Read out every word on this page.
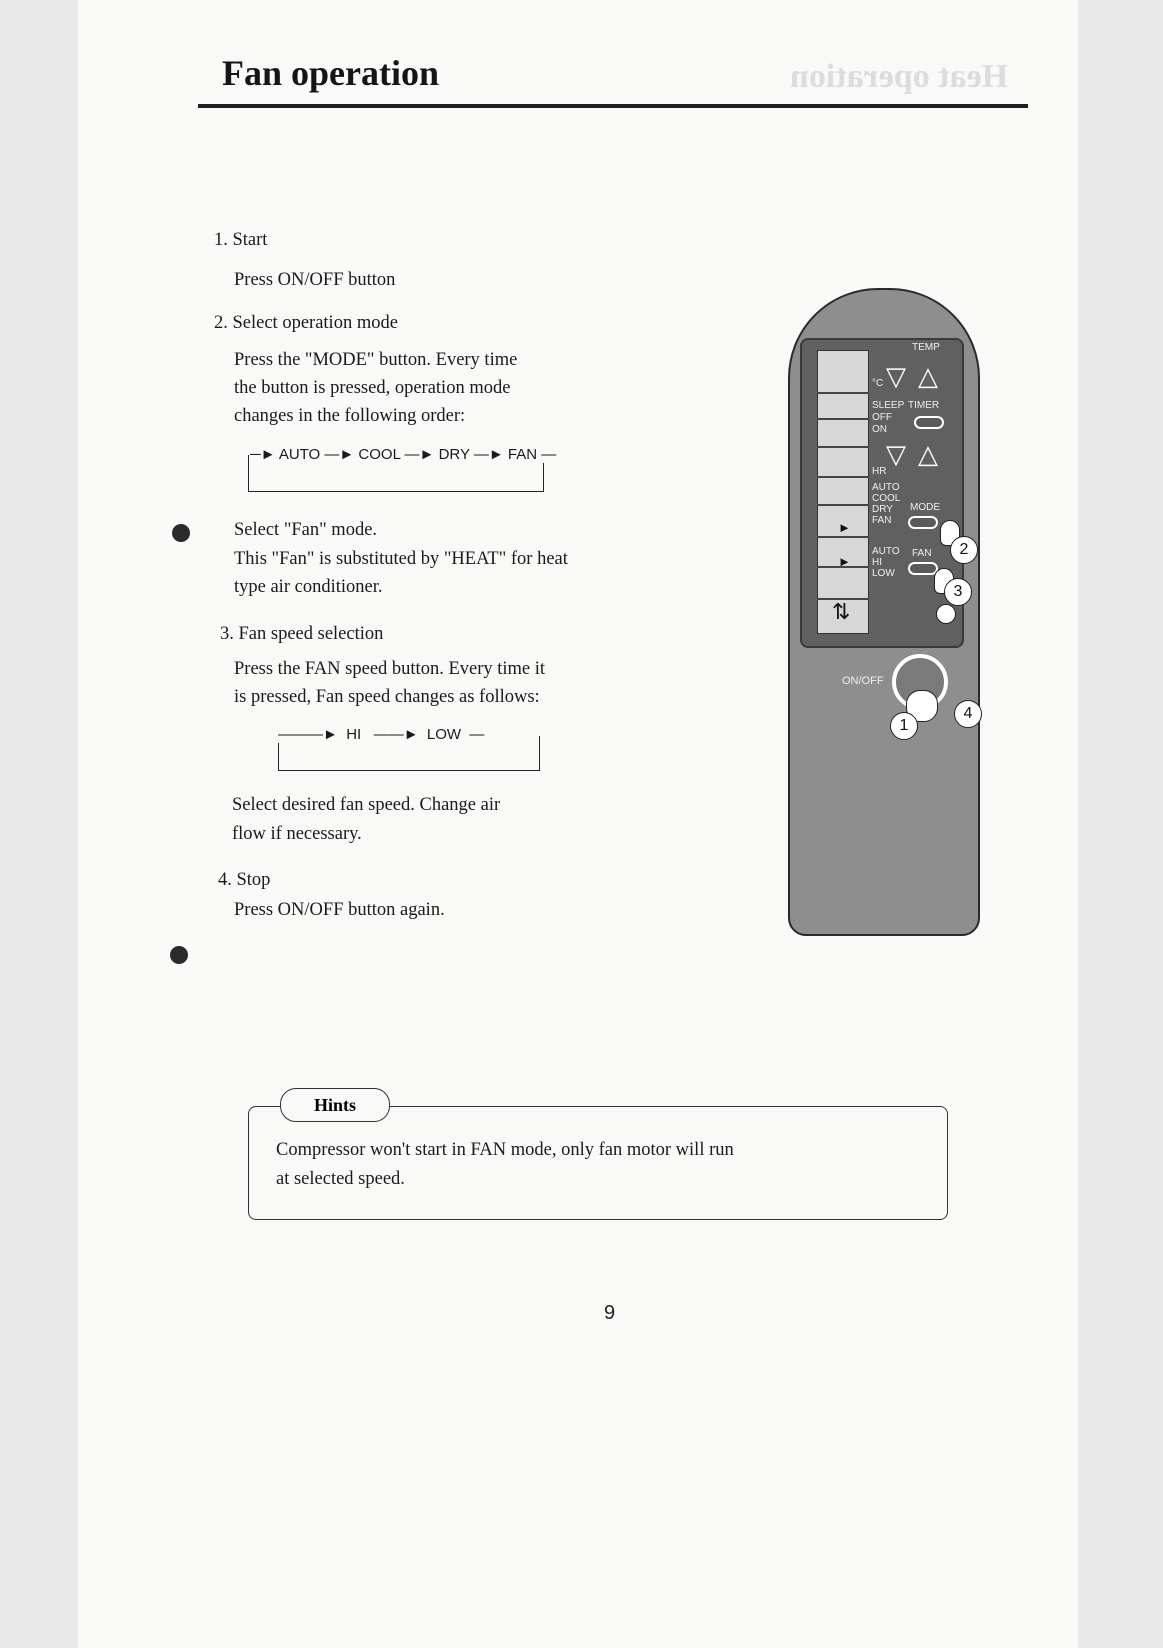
Heat operation
Fan operation
1. Start
Press ON/OFF button
2. Select operation mode
Press the "MODE" button. Every time
the button is pressed, operation mode
changes in the following order:
─► AUTO —► COOL —► DRY —► FAN —
Select "Fan" mode.
This "Fan" is substituted by "HEAT" for heat
type air conditioner.
3. Fan speed selection
Press the FAN speed button. Every time it
is pressed, Fan speed changes as follows:
———►  HI   ——►  LOW  —
Select desired fan speed. Change air
flow if necessary.
4. Stop
Press ON/OFF button again.
►
►
⇅
TEMP
°C ▽ △
SLEEP TIMER
OFF
ON
▽ △
HR
AUTO
COOL
DRY
FAN
MODE
AUTO
HI
LOW
FAN
ON/OFF
2
3
1
4
Hints
Compressor won't start in FAN mode, only fan motor will run
at selected speed.
9
